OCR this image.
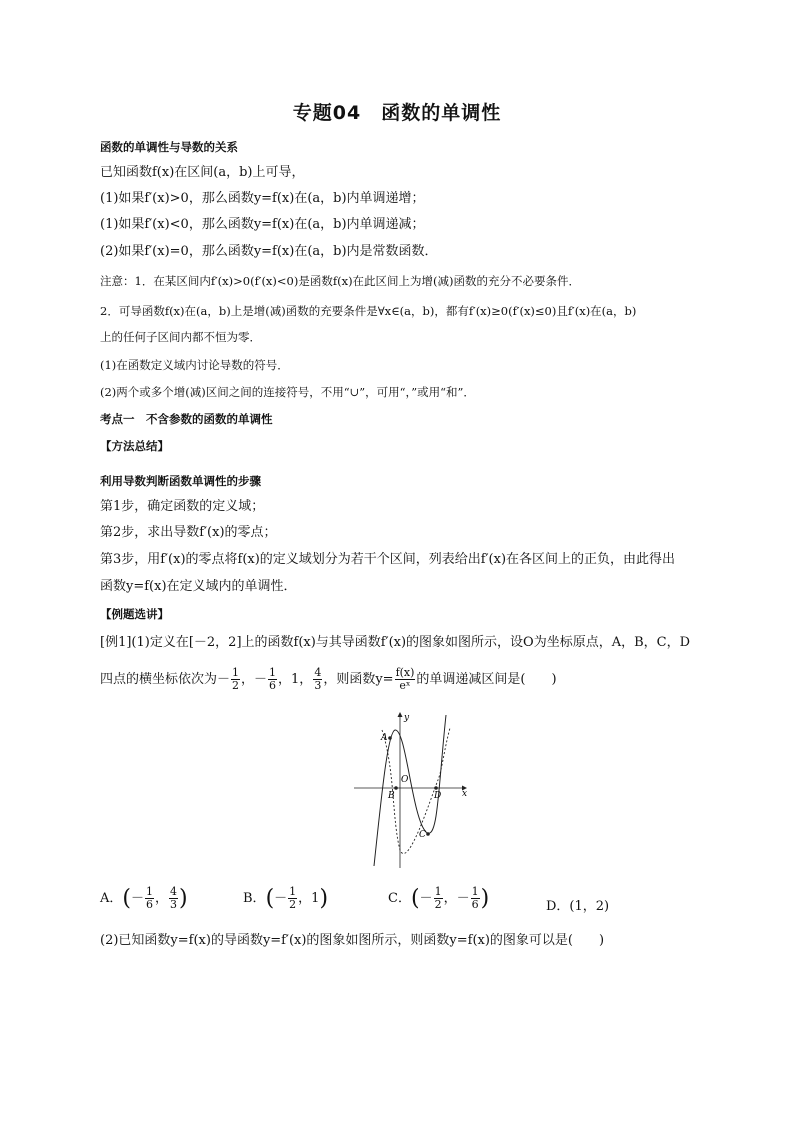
专题04　函数的单调性
函数的单调性与导数的关系
已知函数f(x)在区间(a，b)上可导，
(1)如果f′(x)>0，那么函数y=f(x)在(a，b)内单调递增；
(1)如果f′(x)<0，那么函数y=f(x)在(a，b)内单调递减；
(2)如果f′(x)=0，那么函数y=f(x)在(a，b)内是常数函数．
注意：1．在某区间内f′(x)>0(f′(x)<0)是函数f(x)在此区间上为增(减)函数的充分不必要条件．
2．可导函数f(x)在(a，b)上是增(减)函数的充要条件是∀x∈(a，b)，都有f′(x)≥0(f′(x)≤0)且f′(x)在(a，b)
上的任何子区间内都不恒为零．
(1)在函数定义域内讨论导数的符号．
(2)两个或多个增(减)区间之间的连接符号，不用“∪”，可用“，”或用“和”．
考点一　不含参数的函数的单调性
【方法总结】
利用导数判断函数单调性的步骤
第1步，确定函数的定义域；
第2步，求出导数f′(x)的零点；
第3步，用f′(x)的零点将f(x)的定义域划分为若干个区间，列表给出f′(x)在各区间上的正负，由此得出
函数y=f(x)在定义域内的单调性．
【例题选讲】
[例1](1)定义在[－2，2]上的函数f(x)与其导函数f′(x)的图象如图所示，设O为坐标原点，A，B，C，D
四点的横坐标依次为－ $\frac{1}{2}$ ，－ $\frac{1}{6}$ ，1， $\frac{4}{3}$ ，则函数$y= \frac{f(x)}{\text{eˣ}}$ 的单调递减区间是(　　)
A
B
O
C
D x
y
A．(－ $\frac{1}{6}$ ， $\frac{4}{3}$ )	B．(－ $\frac{1}{2}$ ，1)	C．(－ $\frac{1}{2}$ ，－ $\frac{1}{6}$ )	D．(1，2)
(2)已知函数y=f(x)的导函数y=f′(x)的图象如图所示，则函数y=f(x)的图象可以是(　　)
